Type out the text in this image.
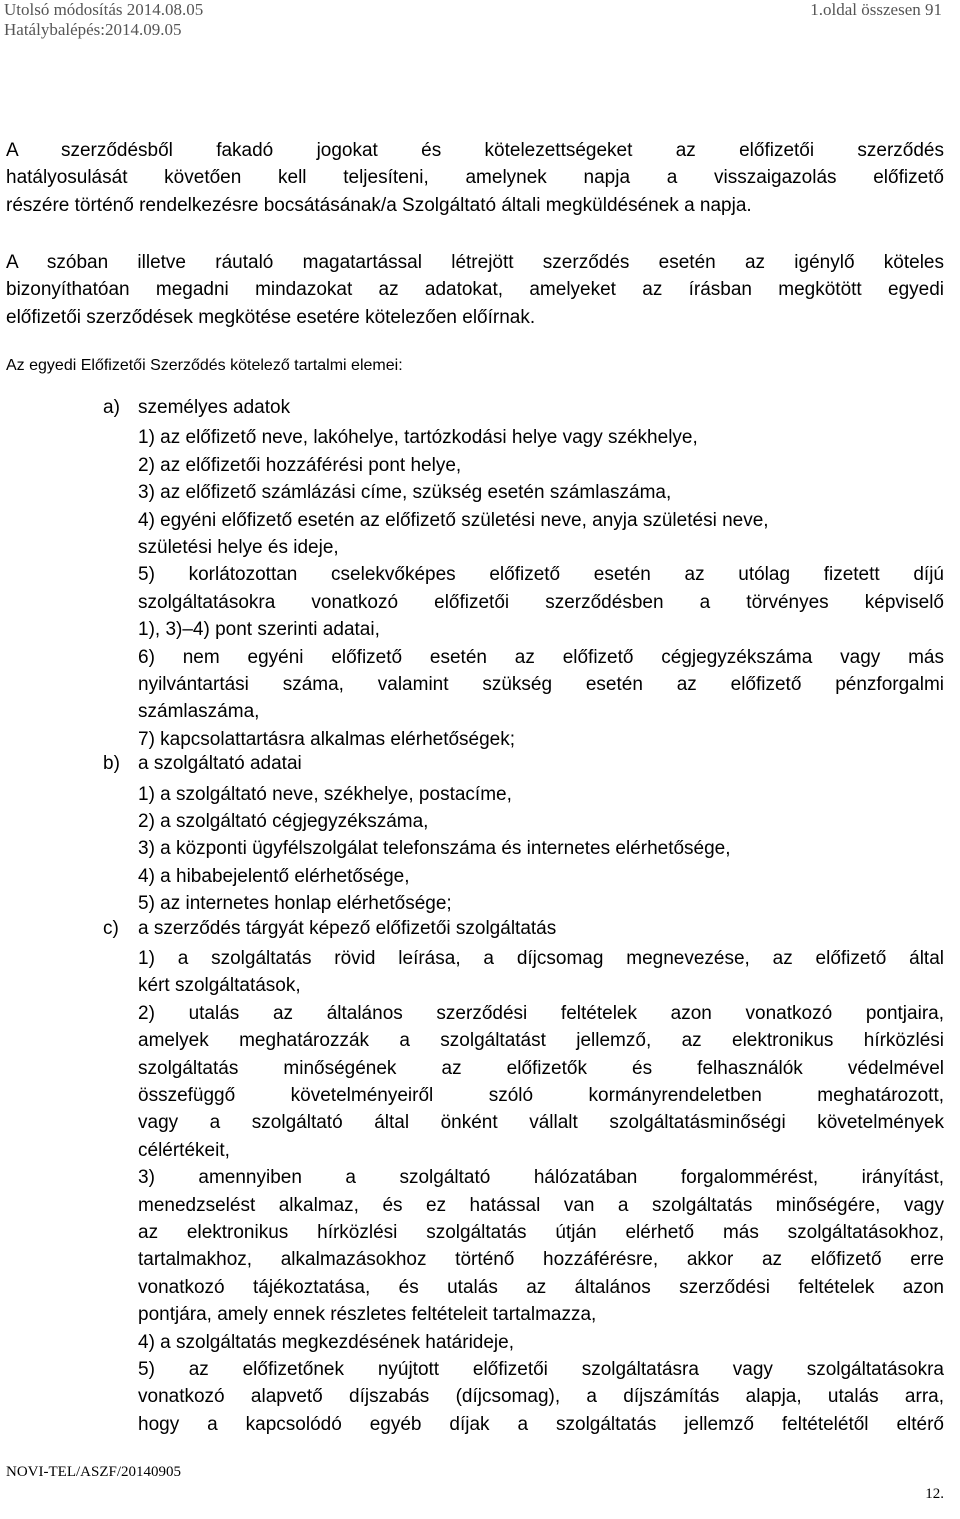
Utolsó módosítás 2014.08.05	1.oldal összesen 91
Hatálybalépés:2014.09.05
A szerződésből fakadó jogokat és kötelezettségeket az előfizetői szerződés
hatályosulását követően kell teljesíteni, amelynek napja a visszaigazolás előfizető
részére történő rendelkezésre bocsátásának/a Szolgáltató általi megküldésének a napja.
A szóban illetve ráutaló magatartással létrejött szerződés esetén az igénylő köteles
bizonyíthatóan megadni mindazokat az adatokat, amelyeket az írásban megkötött egyedi
előfizetői szerződések megkötése esetére kötelezően előírnak.
Az egyedi Előfizetői Szerződés kötelező tartalmi elemei:
a) személyes adatok
1) az előfizető neve, lakóhelye, tartózkodási helye vagy székhelye,
2) az előfizetői hozzáférési pont helye,
3) az előfizető számlázási címe, szükség esetén számlaszáma,
4) egyéni előfizető esetén az előfizető születési neve, anyja születési neve,
születési helye és ideje,
5) korlátozottan cselekvőképes előfizető esetén az utólag fizetett díjú
szolgáltatásokra vonatkozó előfizetői szerződésben a törvényes képviselő
1), 3)–4) pont szerinti adatai,
6) nem egyéni előfizető esetén az előfizető cégjegyzékszáma vagy más
nyilvántartási száma, valamint szükség esetén az előfizető pénzforgalmi
számlaszáma,
7) kapcsolattartásra alkalmas elérhetőségek;
b) a szolgáltató adatai
1) a szolgáltató neve, székhelye, postacíme,
2) a szolgáltató cégjegyzékszáma,
3) a központi ügyfélszolgálat telefonszáma és internetes elérhetősége,
4) a hibabejelentő elérhetősége,
5) az internetes honlap elérhetősége;
c) a szerződés tárgyát képező előfizetői szolgáltatás
1) a szolgáltatás rövid leírása, a díjcsomag megnevezése, az előfizető által
kért szolgáltatások,
2) utalás az általános szerződési feltételek azon vonatkozó pontjaira,
amelyek meghatározzák a szolgáltatást jellemző, az elektronikus hírközlési
szolgáltatás minőségének az előfizetők és felhasználók védelmével
összefüggő követelményeiről szóló kormányrendeletben meghatározott,
vagy a szolgáltató által önként vállalt szolgáltatásminőségi követelmények
célértékeit,
3) amennyiben a szolgáltató hálózatában forgalommérést, irányítást,
menedzselést alkalmaz, és ez hatással van a szolgáltatás minőségére, vagy
az elektronikus hírközlési szolgáltatás útján elérhető más szolgáltatásokhoz,
tartalmakhoz, alkalmazásokhoz történő hozzáférésre, akkor az előfizető erre
vonatkozó tájékoztatása, és utalás az általános szerződési feltételek azon
pontjára, amely ennek részletes feltételeit tartalmazza,
4) a szolgáltatás megkezdésének határideje,
5) az előfizetőnek nyújtott előfizetői szolgáltatásra vagy szolgáltatásokra
vonatkozó alapvető díjszabás (díjcsomag), a díjszámítás alapja, utalás arra,
hogy a kapcsolódó egyéb díjak a szolgáltatás jellemző feltételétől eltérő
NOVI-TEL/ASZF/20140905
12.
